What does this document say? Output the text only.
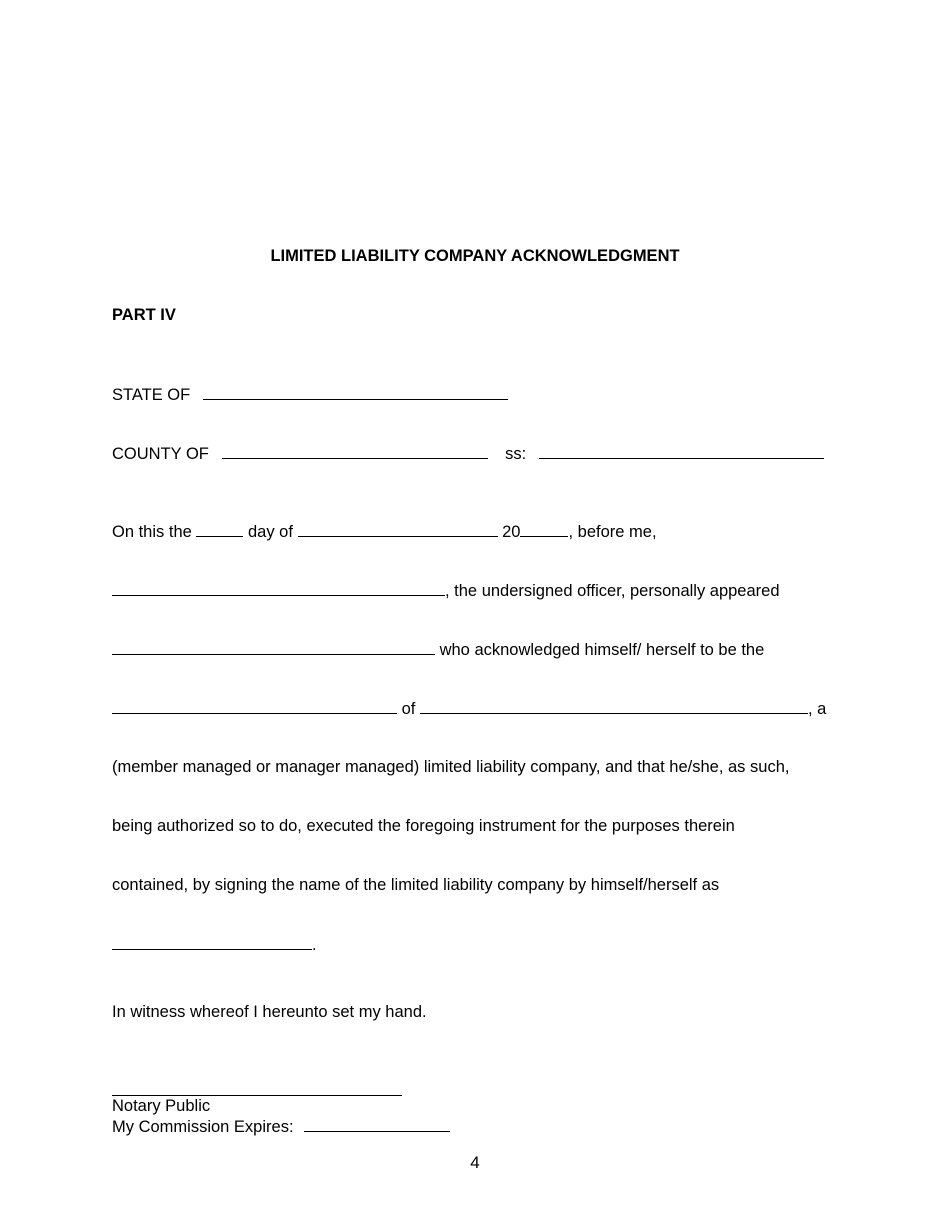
LIMITED LIABILITY COMPANY ACKNOWLEDGMENT
PART IV
STATE OF
COUNTY OF	ss:
On this the	day of	20	, before me,
, the undersigned officer, personally appeared
who acknowledged himself/ herself to be the
of	, a
(member managed or manager managed) limited liability company, and that he/she, as such,
being authorized so to do, executed the foregoing instrument for the purposes therein
contained, by signing the name of the limited liability company by himself/herself as
.
In witness whereof I hereunto set my hand.
Notary Public
My Commission Expires:
4
